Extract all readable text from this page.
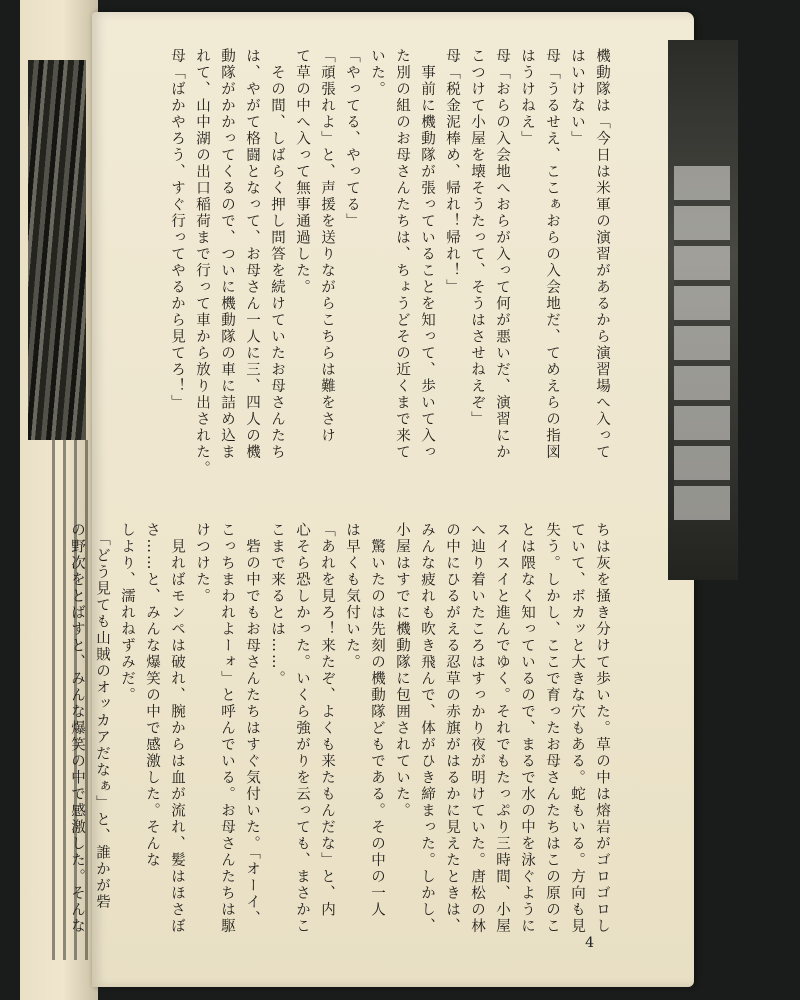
機動隊は「今日は米軍の演習があるから演習場へ入って

はいけない」

母「うるせえ、ここぁおらの入会地だ、てめえらの指図

はうけねえ」

母「おらの入会地へおらが入って何が悪いだ、演習にか

こつけて小屋を壊そうたって、そうはさせねえぞ」

母「税金泥棒め、帰れ！帰れ！」

　事前に機動隊が張っていることを知って、歩いて入っ

た別の組のお母さんたちは、ちょうどその近くまで来て

いた。

「やってる、やってる」

「頑張れよ」と、声援を送りながらこちらは難をさけ

て草の中へ入って無事通過した。

　その間、しばらく押し問答を続けていたお母さんたち

は、やがて格闘となって、お母さん一人に三、四人の機

動隊がかかってくるので、ついに機動隊の車に詰め込ま

れて、山中湖の出口稲荷まで行って車から放り出された。

母「ばかやろう、すぐ行ってやるから見てろ！」

ちは灰を掻き分けて歩いた。草の中は熔岩がゴロゴロし

ていて、ボカッと大きな穴もある。蛇もいる。方向も見

失う。しかし、ここで育ったお母さんたちはこの原のこ

とは隈なく知っているので、まるで水の中を泳ぐように

スイスイと進んでゆく。それでもたっぷり三時間、小屋

へ辿り着いたころはすっかり夜が明けていた。唐松の林

の中にひるがえる忍草の赤旗がはるかに見えたときは、

みんな疲れも吹き飛んで、体がひき締まった。しかし、

小屋はすでに機動隊に包囲されていた。

　驚いたのは先刻の機動隊どもである。その中の一人

は早くも気付いた。

「あれを見ろ！来たぞ、よくも来たもんだな」と、内

心そら恐しかった。いくら強がりを云っても、まさかこ

こまで来るとは……。

　砦の中でもお母さんたちはすぐ気付いた。「オーイ、

こっちまわれよーォ」と呼んでいる。お母さんたちは駆

けつけた。

　見ればモンペは破れ、腕からは血が流れ、髪はほさぼ

さ……と、みんな爆笑の中で感激した。そんな

しより、濡れねずみだ。

　「どう見ても山賊のオッカアだなぁ」と、誰かが砦

の野次をとばすと、みんな爆笑の中で感激した。そんな

4
